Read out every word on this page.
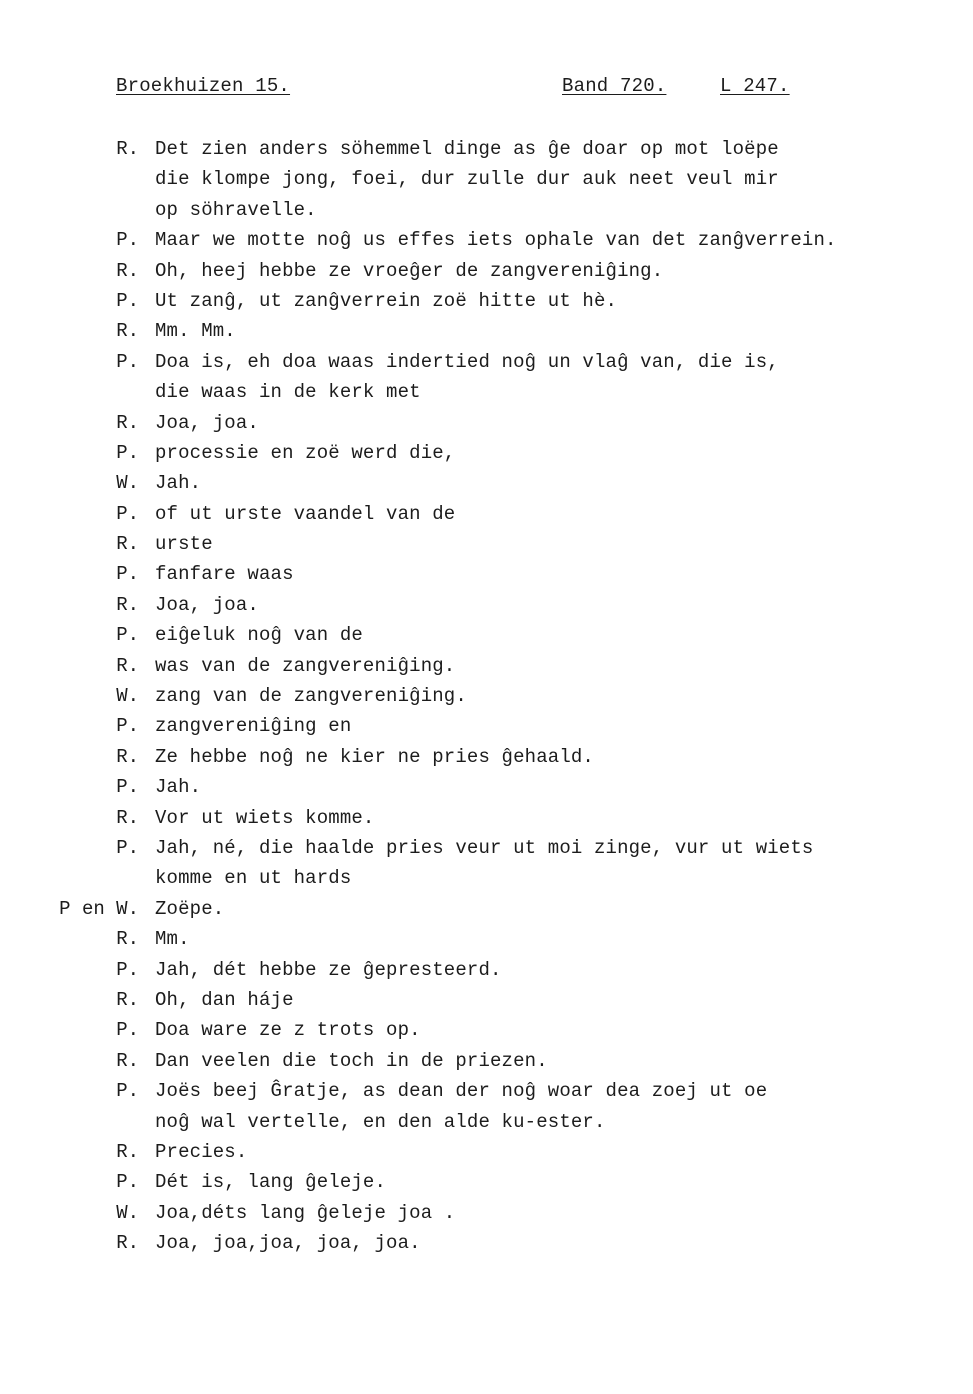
Broekhuizen 15.	Band 720.	L 247.
R. Det zien anders söhemmel dinge as ĝe doar op mot loëpe
die klompe jong, foei, dur zulle dur auk neet veul mir
op söhravelle.
P. Maar we motte noĝ us effes iets ophale van det zanĝverrein.
R. Oh, heej hebbe ze vroeĝer de zangvereniĝing.
P. Ut zanĝ, ut zanĝverrein zoë hitte ut hè.
R. Mm. Mm.
P. Doa is, eh doa waas indertied noĝ un vlaĝ van, die is,
die waas in de kerk met
R. Joa, joa.
P. processie en zoë werd die,
W. Jah.
P. of ut urste vaandel van de
R. urste
P. fanfare waas
R. Joa, joa.
P. eiĝeluk noĝ van de
R. was van de zangvereniĝing.
W. zang van de zangvereniĝing.
P. zangvereniĝing en
R. Ze hebbe noĝ ne kier ne pries ĝehaald.
P. Jah.
R. Vor ut wiets komme.
P. Jah, né, die haalde pries veur ut moi zinge, vur ut wiets
komme en ut hards
P en W. Zoëpe.
R. Mm.
P. Jah, dét hebbe ze ĝepresteerd.
R. Oh, dan háje
P. Doa ware ze z trots op.
R. Dan veelen die toch in de priezen.
P. Joës beej Ĝratje, as dean der noĝ woar dea zoej ut oe
noĝ wal vertelle, en den alde ku-ester.
R. Precies.
P. Dét is, lang ĝeleje.
W. Joa,déts lang ĝeleje joa .
R. Joa, joa,joa, joa, joa.
